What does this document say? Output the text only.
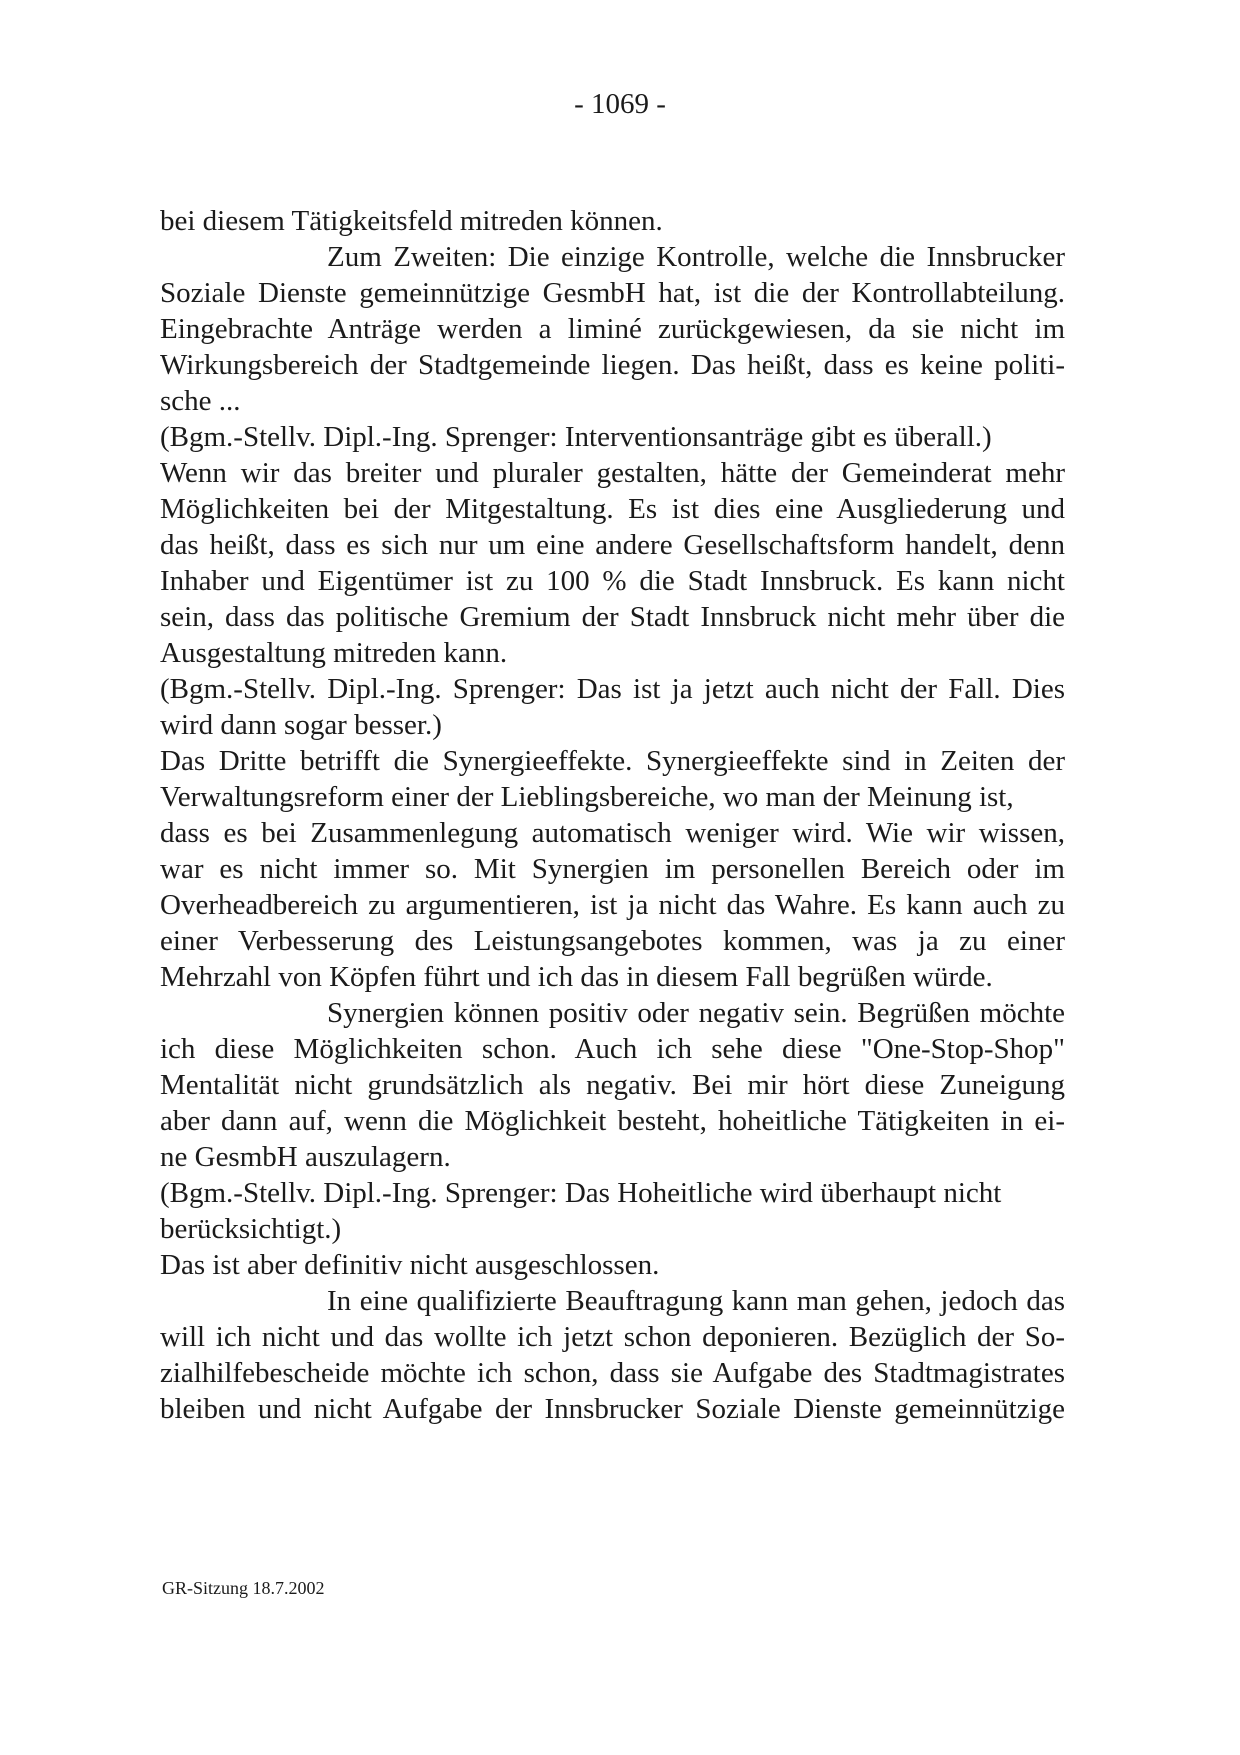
- 1069 -
bei diesem Tätigkeitsfeld mitreden können.
Zum Zweiten: Die einzige Kontrolle, welche die Innsbrucker
Soziale Dienste gemeinnützige GesmbH hat, ist die der Kontrollabteilung.
Eingebrachte Anträge werden a liminé zurückgewiesen, da sie nicht im
Wirkungsbereich der Stadtgemeinde liegen. Das heißt, dass es keine politi-
sche ...
(Bgm.-Stellv. Dipl.-Ing. Sprenger: Interventionsanträge gibt es überall.)
Wenn wir das breiter und pluraler gestalten, hätte der Gemeinderat mehr
Möglichkeiten bei der Mitgestaltung. Es ist dies eine Ausgliederung und
das heißt, dass es sich nur um eine andere Gesellschaftsform handelt, denn
Inhaber und Eigentümer ist zu 100 % die Stadt Innsbruck. Es kann nicht
sein, dass das politische Gremium der Stadt Innsbruck nicht mehr über die
Ausgestaltung mitreden kann.
(Bgm.-Stellv. Dipl.-Ing. Sprenger: Das ist ja jetzt auch nicht der Fall. Dies
wird dann sogar besser.)
Das Dritte betrifft die Synergieeffekte. Synergieeffekte sind in Zeiten der
Verwaltungsreform einer der Lieblingsbereiche, wo man der Meinung ist,
dass es bei Zusammenlegung automatisch weniger wird. Wie wir wissen,
war es nicht immer so. Mit Synergien im personellen Bereich oder im
Overheadbereich zu argumentieren, ist ja nicht das Wahre. Es kann auch zu
einer Verbesserung des Leistungsangebotes kommen, was ja zu einer
Mehrzahl von Köpfen führt und ich das in diesem Fall begrüßen würde.
Synergien können positiv oder negativ sein. Begrüßen möchte
ich diese Möglichkeiten schon. Auch ich sehe diese "One-Stop-Shop"
Mentalität nicht grundsätzlich als negativ. Bei mir hört diese Zuneigung
aber dann auf, wenn die Möglichkeit besteht, hoheitliche Tätigkeiten in ei-
ne GesmbH auszulagern.
(Bgm.-Stellv. Dipl.-Ing. Sprenger: Das Hoheitliche wird überhaupt nicht
berücksichtigt.)
Das ist aber definitiv nicht ausgeschlossen.
In eine qualifizierte Beauftragung kann man gehen, jedoch das
will ich nicht und das wollte ich jetzt schon deponieren. Bezüglich der So-
zialhilfebescheide möchte ich schon, dass sie Aufgabe des Stadtmagistrates
bleiben und nicht Aufgabe der Innsbrucker Soziale Dienste gemeinnützige
GR-Sitzung 18.7.2002
